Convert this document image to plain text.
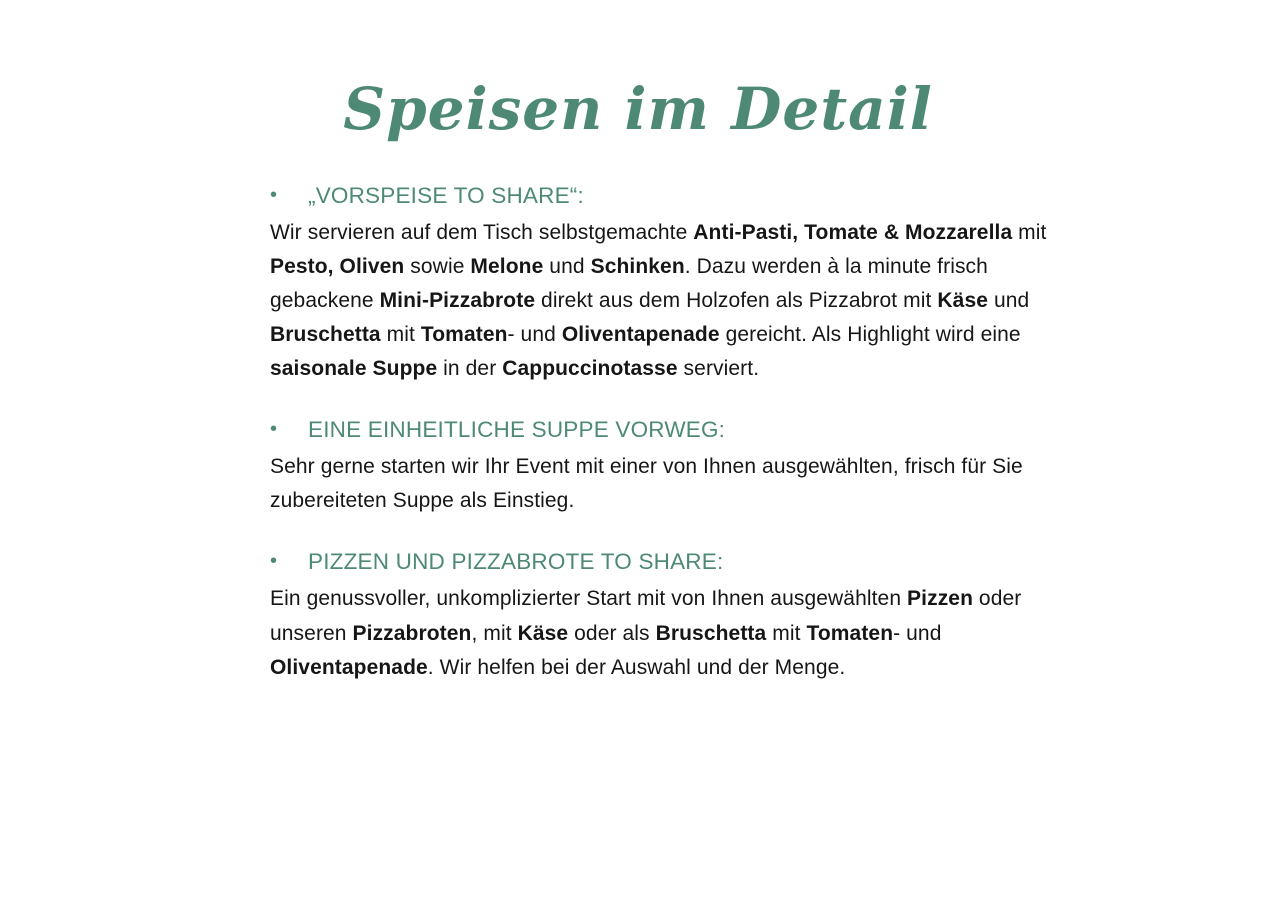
Speisen im Detail
•	„VORSPEISE TO SHARE“:
Wir servieren auf dem Tisch selbstgemachte Anti-Pasti, Tomate & Mozzarella mit Pesto, Oliven sowie Melone und Schinken. Dazu werden à la minute frisch gebackene Mini-Pizzabrote direkt aus dem Holzofen als Pizzabrot mit Käse und Bruschetta mit Tomaten- und Oliventapenade gereicht. Als Highlight wird eine saisonale Suppe in der Cappuccinotasse serviert.
•	EINE EINHEITLICHE SUPPE VORWEG:
Sehr gerne starten wir Ihr Event mit einer von Ihnen ausgewählten, frisch für Sie zubereiteten Suppe als Einstieg.
•	PIZZEN UND PIZZABROTE TO SHARE:
Ein genussvoller, unkomplizierter Start mit von Ihnen ausgewählten Pizzen oder unseren Pizzabroten, mit Käse oder als Bruschetta mit Tomaten- und Oliventapenade. Wir helfen bei der Auswahl und der Menge.
